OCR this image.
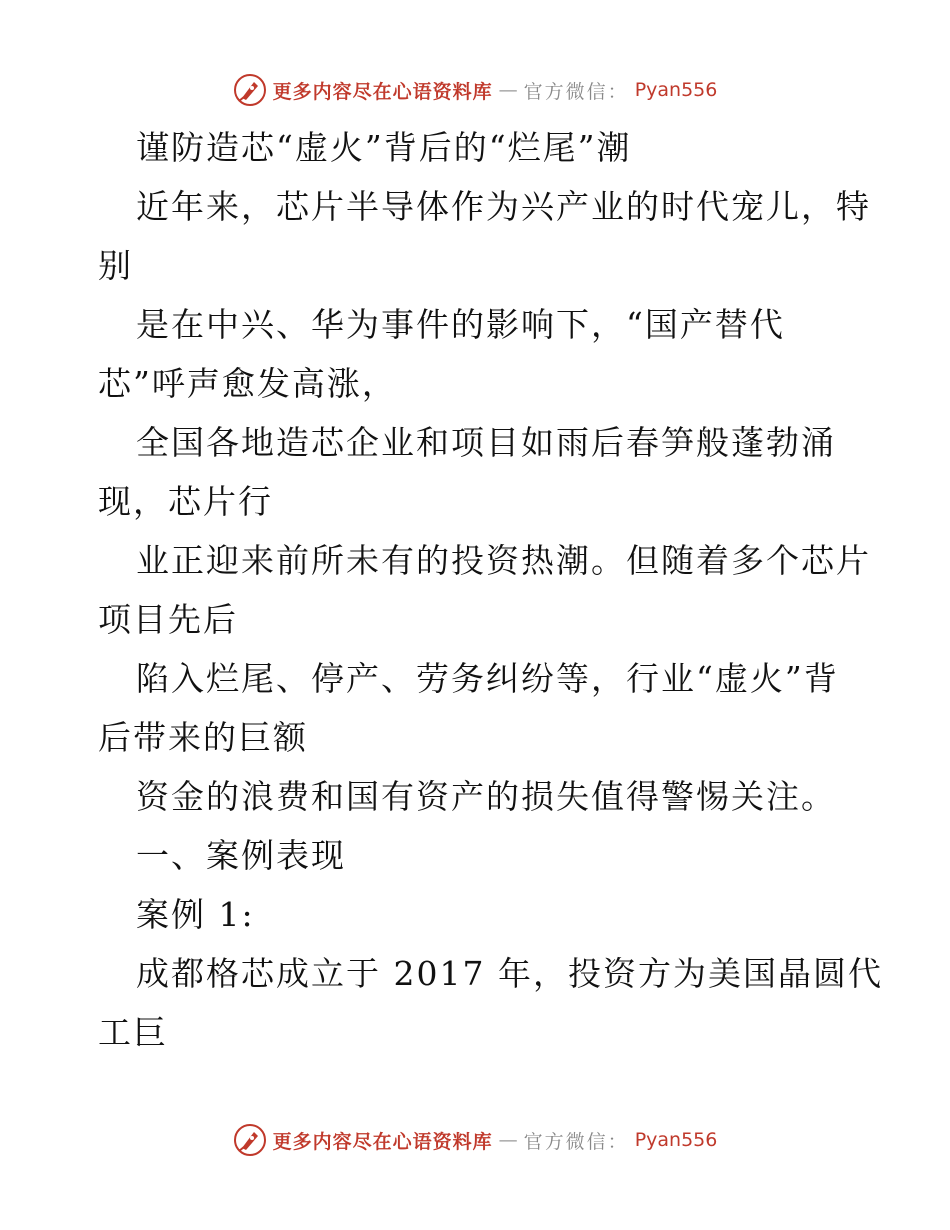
更多内容尽在心语资料库 — 官方微信： Pyan556

谨防造芯“虚火”背后的“烂尾”潮

近年来，芯片半导体作为兴产业的时代宠儿，特

别

是在中兴、华为事件的影响下，“国产替代

芯”呼声愈发高涨，

全国各地造芯企业和项目如雨后春笋般蓬勃涌

现，芯片行

业正迎来前所未有的投资热潮。但随着多个芯片

项目先后

陷入烂尾、停产、劳务纠纷等，行业“虚火”背

后带来的巨额

资金的浪费和国有资产的损失值得警惕关注。

一、案例表现

案例 1:

成都格芯成立于 2017 年，投资方为美国晶圆代

工巨

更多内容尽在心语资料库 — 官方微信： Pyan556
